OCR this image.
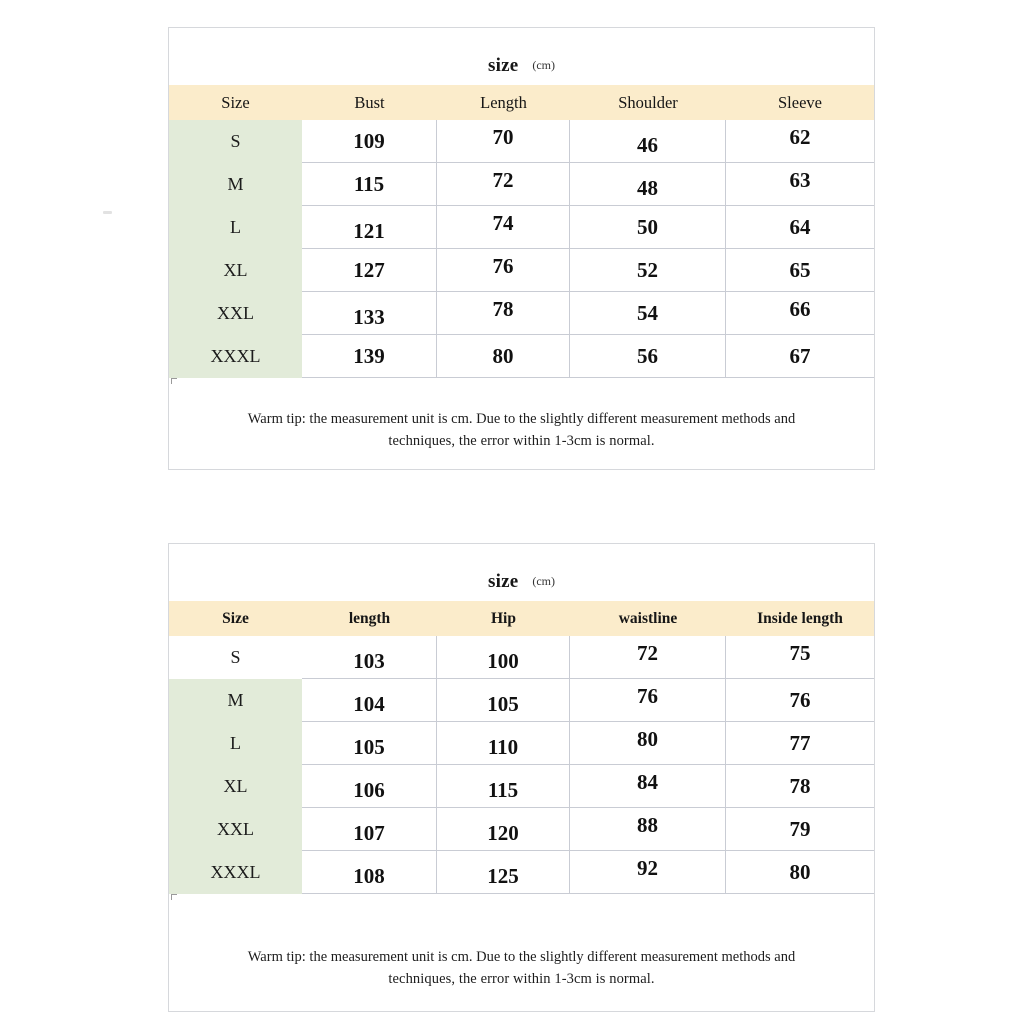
size (cm)
Size	Bust	Length	Shoulder	Sleeve
S	109	70	46	62
M	115	72	48	63
L	121	74	50	64
XL	127	76	52	65
XXL	133	78	54	66
XXXL	139	80	56	67
Warm tip: the measurement unit is cm. Due to the slightly different measurement methods and
techniques, the error within 1-3cm is normal.
size (cm)
Size	length	Hip	waistline	Inside length
S	103	100	72	75
M	104	105	76	76
L	105	110	80	77
XL	106	115	84	78
XXL	107	120	88	79
XXXL	108	125	92	80
Warm tip: the measurement unit is cm. Due to the slightly different measurement methods and
techniques, the error within 1-3cm is normal.
